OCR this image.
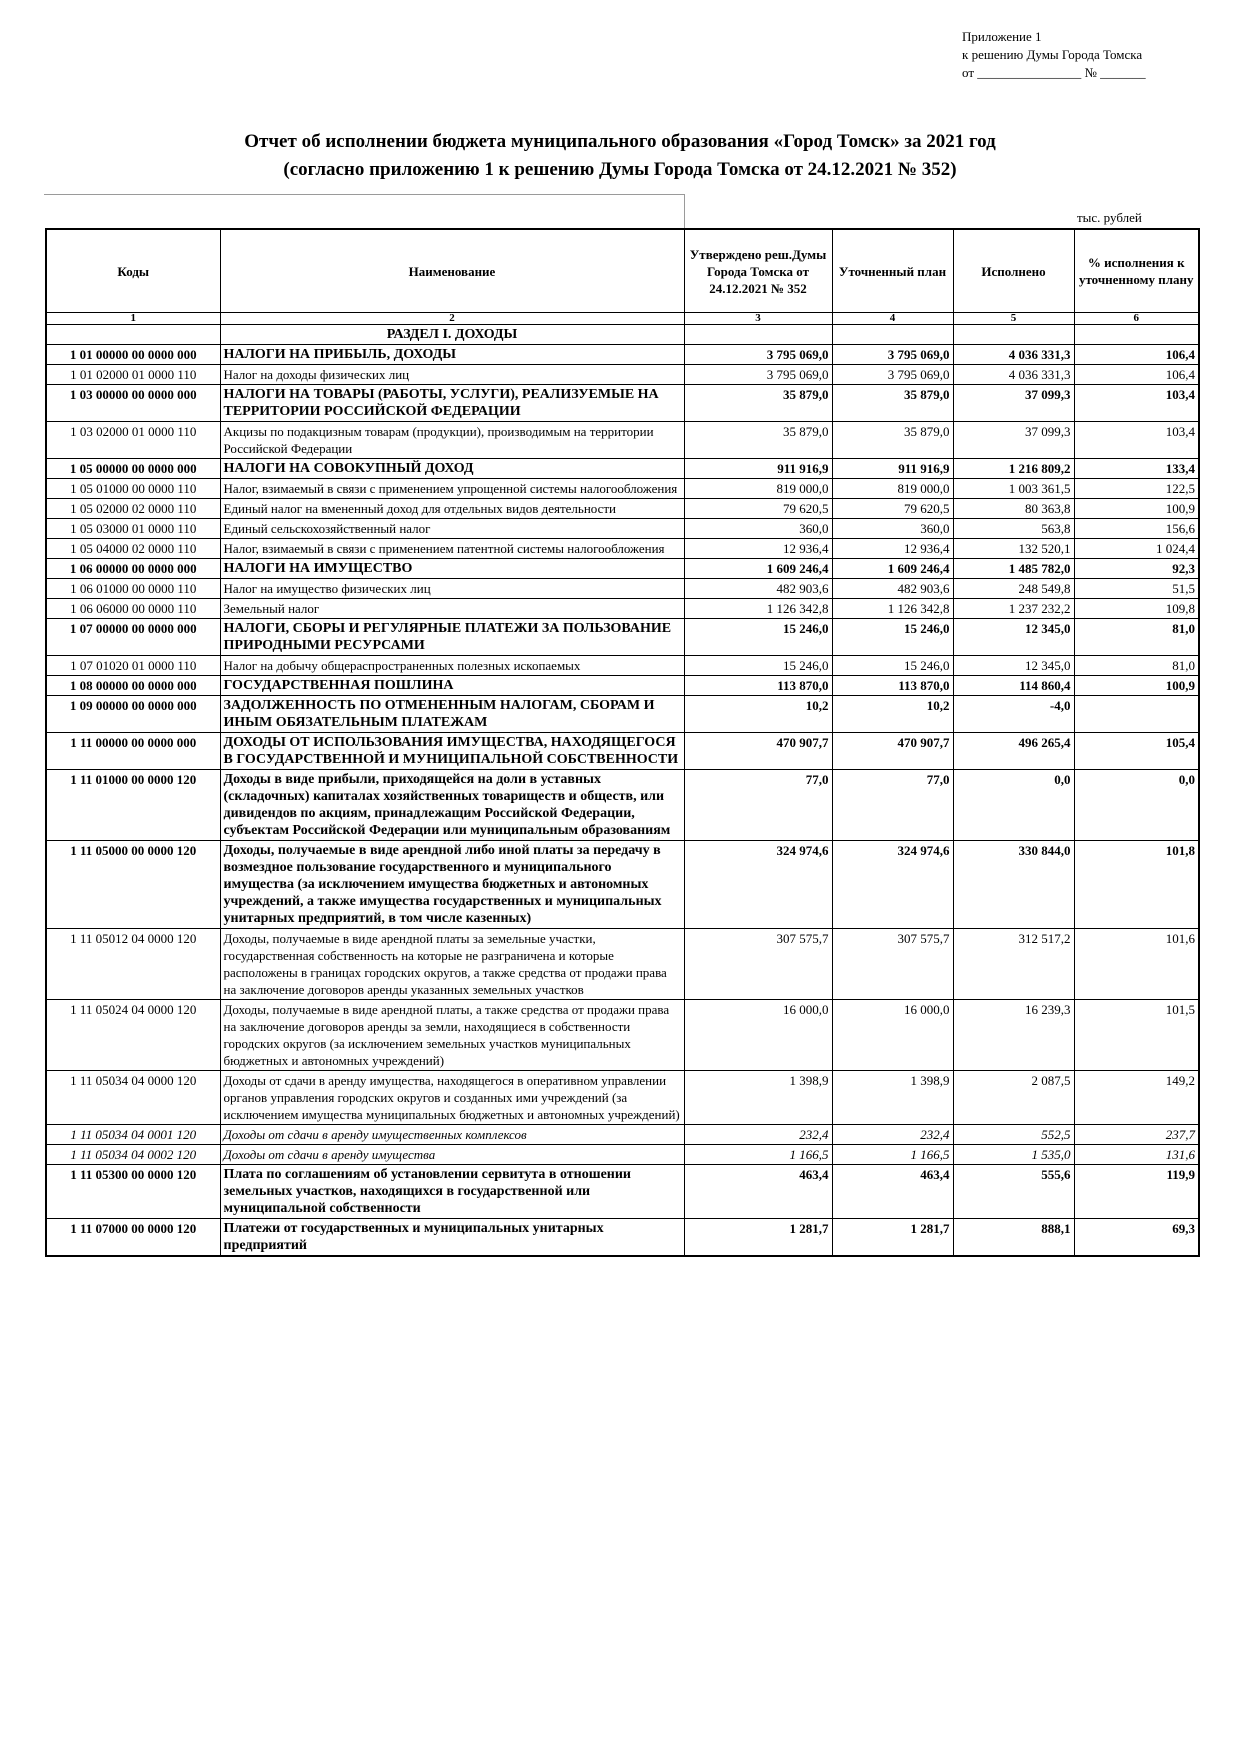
Приложение 1
к решению Думы Города Томска
от ________________ № _______
Отчет об исполнении бюджета муниципального образования «Город Томск» за 2021 год
(согласно приложению 1 к решению Думы Города Томска от 24.12.2021 № 352)
тыс. рублей
Коды	Наименование	Утверждено реш.Думы Города Томска от 24.12.2021 № 352	Уточненный план	Исполнено	% исполнения к уточненному плану
1	2	3	4	5	6
	РАЗДЕЛ I. ДОХОДЫ				
1 01 00000 00 0000 000	НАЛОГИ НА ПРИБЫЛЬ, ДОХОДЫ	3 795 069,0	3 795 069,0	4 036 331,3	106,4
1 01 02000 01 0000 110	Налог на доходы физических лиц	3 795 069,0	3 795 069,0	4 036 331,3	106,4
1 03 00000 00 0000 000	НАЛОГИ НА ТОВАРЫ (РАБОТЫ, УСЛУГИ), РЕАЛИЗУЕМЫЕ НА ТЕРРИТОРИИ РОССИЙСКОЙ ФЕДЕРАЦИИ	35 879,0	35 879,0	37 099,3	103,4
1 03 02000 01 0000 110	Акцизы по подакцизным товарам (продукции), производимым на территории Российской Федерации	35 879,0	35 879,0	37 099,3	103,4
1 05 00000 00 0000 000	НАЛОГИ НА СОВОКУПНЫЙ ДОХОД	911 916,9	911 916,9	1 216 809,2	133,4
1 05 01000 00 0000 110	Налог, взимаемый в связи с применением упрощенной системы налогообложения	819 000,0	819 000,0	1 003 361,5	122,5
1 05 02000 02 0000 110	Единый налог на вмененный доход для отдельных видов деятельности	79 620,5	79 620,5	80 363,8	100,9
1 05 03000 01 0000 110	Единый сельскохозяйственный налог	360,0	360,0	563,8	156,6
1 05 04000 02 0000 110	Налог, взимаемый в связи с применением патентной системы налогообложения	12 936,4	12 936,4	132 520,1	1 024,4
1 06 00000 00 0000 000	НАЛОГИ НА ИМУЩЕСТВО	1 609 246,4	1 609 246,4	1 485 782,0	92,3
1 06 01000 00 0000 110	Налог на имущество физических лиц	482 903,6	482 903,6	248 549,8	51,5
1 06 06000 00 0000 110	Земельный налог	1 126 342,8	1 126 342,8	1 237 232,2	109,8
1 07 00000 00 0000 000	НАЛОГИ, СБОРЫ И РЕГУЛЯРНЫЕ ПЛАТЕЖИ ЗА ПОЛЬЗОВАНИЕ ПРИРОДНЫМИ РЕСУРСАМИ	15 246,0	15 246,0	12 345,0	81,0
1 07 01020 01 0000 110	Налог на добычу общераспространенных полезных ископаемых	15 246,0	15 246,0	12 345,0	81,0
1 08 00000 00 0000 000	ГОСУДАРСТВЕННАЯ ПОШЛИНА	113 870,0	113 870,0	114 860,4	100,9
1 09 00000 00 0000 000	ЗАДОЛЖЕННОСТЬ ПО ОТМЕНЕННЫМ НАЛОГАМ, СБОРАМ И ИНЫМ ОБЯЗАТЕЛЬНЫМ ПЛАТЕЖАМ	10,2	10,2	-4,0	
1 11 00000 00 0000 000	ДОХОДЫ ОТ ИСПОЛЬЗОВАНИЯ ИМУЩЕСТВА, НАХОДЯЩЕГОСЯ В ГОСУДАРСТВЕННОЙ И МУНИЦИПАЛЬНОЙ СОБСТВЕННОСТИ	470 907,7	470 907,7	496 265,4	105,4
1 11 01000 00 0000 120	Доходы в виде прибыли, приходящейся на доли в уставных (складочных) капиталах хозяйственных товариществ и обществ, или дивидендов по акциям, принадлежащим Российской Федерации, субъектам Российской Федерации или муниципальным образованиям	77,0	77,0	0,0	0,0
1 11 05000 00 0000 120	Доходы, получаемые в виде арендной либо иной платы за передачу в возмездное пользование государственного и муниципального имущества (за исключением имущества бюджетных и автономных учреждений, а также имущества государственных и муниципальных унитарных предприятий, в том числе казенных)	324 974,6	324 974,6	330 844,0	101,8
1 11 05012 04 0000 120	Доходы, получаемые в виде арендной платы за земельные участки, государственная собственность на которые не разграничена и которые расположены в границах городских округов, а также средства от продажи права на заключение договоров аренды указанных земельных участков	307 575,7	307 575,7	312 517,2	101,6
1 11 05024 04 0000 120	Доходы, получаемые в виде арендной платы, а также средства от продажи права на заключение договоров аренды за земли, находящиеся в собственности городских округов (за исключением земельных участков муниципальных бюджетных и автономных учреждений)	16 000,0	16 000,0	16 239,3	101,5
1 11 05034 04 0000 120	Доходы от сдачи в аренду имущества, находящегося в оперативном управлении органов управления городских округов и созданных ими учреждений (за исключением имущества муниципальных бюджетных и автономных учреждений)	1 398,9	1 398,9	2 087,5	149,2
1 11 05034 04 0001 120	Доходы от сдачи в аренду имущественных комплексов	232,4	232,4	552,5	237,7
1 11 05034 04 0002 120	Доходы от сдачи в аренду имущества	1 166,5	1 166,5	1 535,0	131,6
1 11 05300 00 0000 120	Плата по соглашениям об установлении сервитута в отношении земельных участков, находящихся в государственной или муниципальной собственности	463,4	463,4	555,6	119,9
1 11 07000 00 0000 120	Платежи от государственных и муниципальных унитарных предприятий	1 281,7	1 281,7	888,1	69,3
